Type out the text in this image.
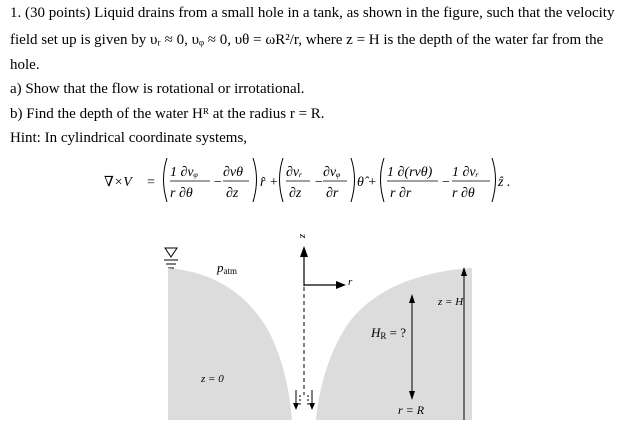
1. (30 points) Liquid drains from a small hole in a tank, as shown in the figure, such that the velocity
field set up is given by υᵣ ≈ 0, υᵩ ≈ 0, υθ = ωR²/r, where z = H is the depth of the water far from the
hole.
a) Show that the flow is rotational or irrotational.
b) Find the depth of the water Hᴿ at the radius r = R.
Hint: In cylindrical coordinate systems,
∇×V⃗ =
1 ∂vᵩ
r ∂θ
−
∂vθ
∂z
r̂ +
∂vᵣ
∂z
−
∂vᵩ
∂r
θ̂ +
1 ∂(rvθ)
r ∂r
−
1 ∂vᵣ
r ∂θ
ẑ .
patm
z
r
z = H
HR = ?
z = 0
r = R
